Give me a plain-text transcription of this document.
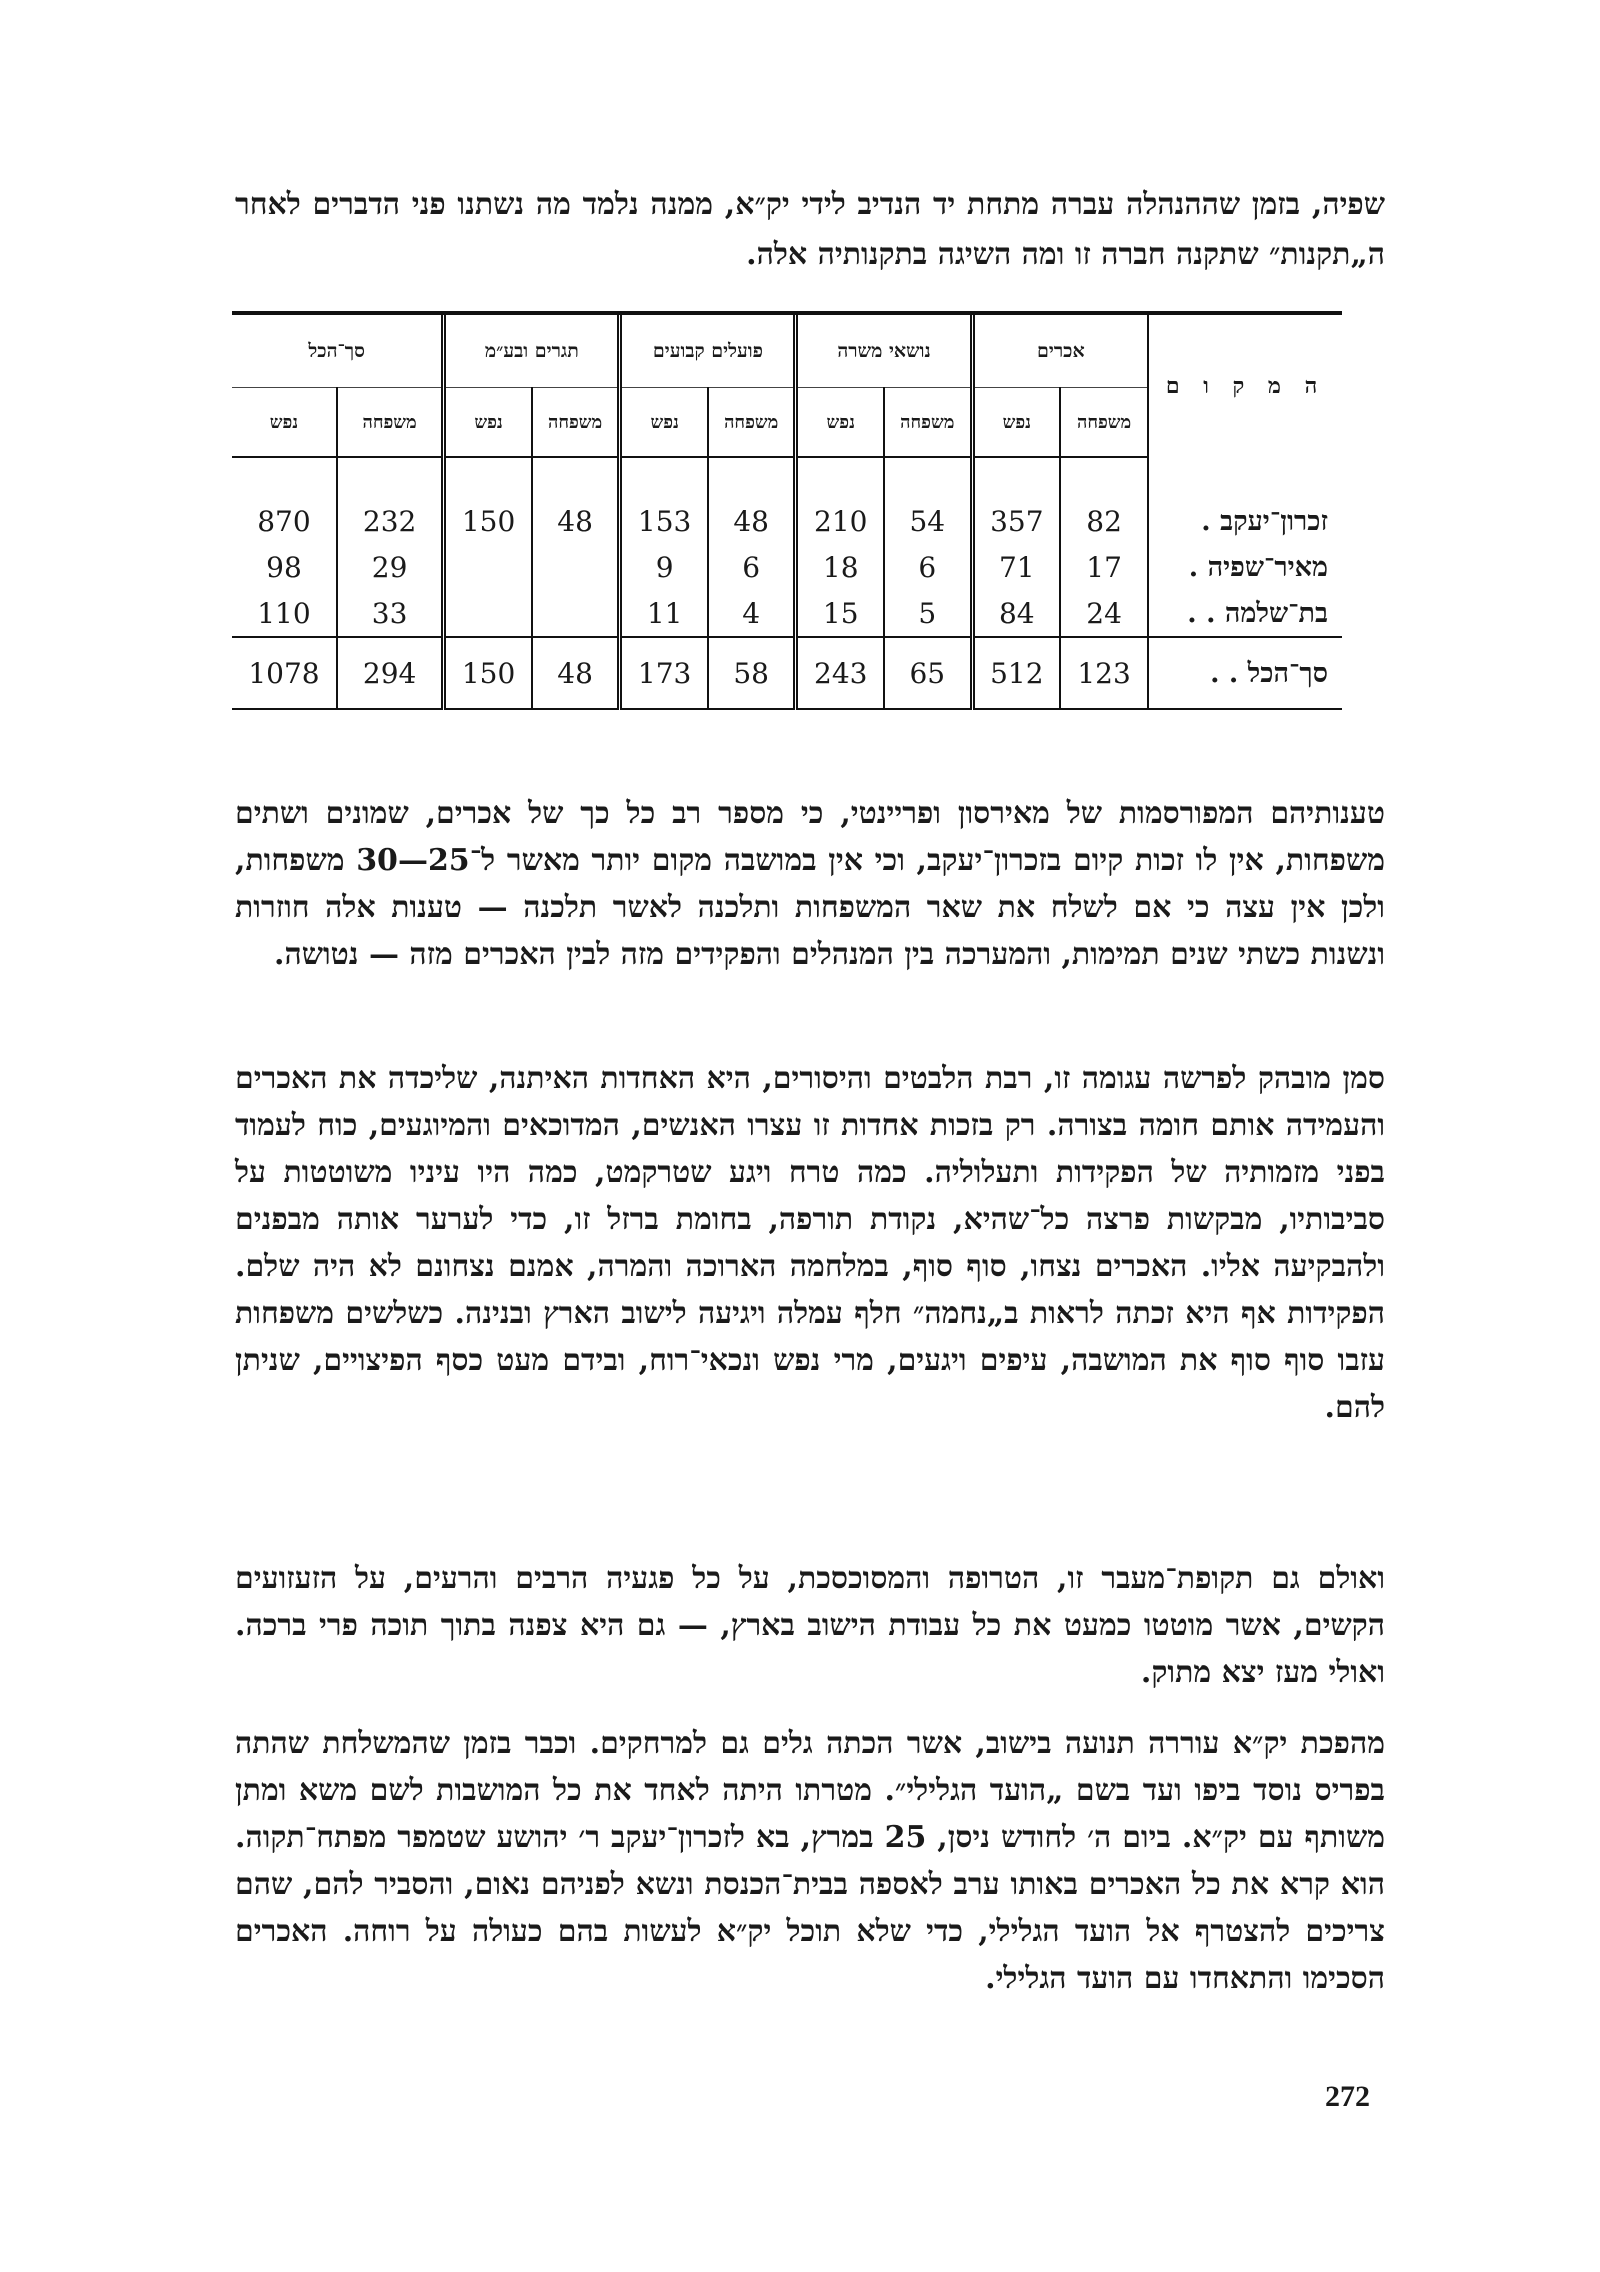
שפיה, בזמן שההנהלה עברה מתחת יד הנדיב לידי יק״א, ממנה נלמד מה נשתנו פני הדברים לאחר ה„תקנות״ שתקנה חברה זו ומה השיגה בתקנותיה אלה.

ה מ ק ו ם	אכרים		נושאי משרה		פועלים קבועים		תגרים ובע״מ		סך־הכל	
	משפחה	נפש	משפחה	נפש	משפחה	נפש	משפחה	נפש	משפחה	נפש

זכרון־יעקב .	82	357	54	210	48	153	48	150	232	870
מאיר־שפיה .	17	71	6	18	6	9			29	98
בת־שלמה . .	24	84	5	15	4	11			33	110
סך־הכל . .	123	512	65	243	58	173	48	150	294	1078

טענותיהם המפורסמות של מאירסון ופריינטי, כי מספר רב כל כך של אכרים, שמונים ושתים משפחות, אין לו זכות קיום בזכרון־יעקב, וכי אין במושבה מקום יותר מאשר ל־25—30 משפחות, ולכן אין עצה כי אם לשלח את שאר המשפחות ותלכנה לאשר תלכנה — טענות אלה חוזרות ונשנות כשתי שנים תמימות, והמערכה בין המנהלים והפקידים מזה לבין האכרים מזה — נטושה.

סמן מובהק לפרשה עגומה זו, רבת הלבטים והיסורים, היא האחדות האיתנה, שליכדה את האכרים והעמידה אותם חומה בצורה. רק בזכות אחדות זו עצרו האנשים, המדוכאים והמיוגעים, כוח לעמוד בפני מזמותיה של הפקידות ותעלוליה. כמה טרח ויגע שטרקמט, כמה היו עיניו משוטטות על סביבותיו, מבקשות פרצה כל־שהיא, נקודת תורפה, בחומת ברזל זו, כדי לערער אותה מבפנים ולהבקיעה אליו. האכרים נצחו, סוף סוף, במלחמה הארוכה והמרה, אמנם נצחונם לא היה שלם. הפקידות אף היא זכתה לראות ב„נחמה״ חלף עמלה ויגיעה לישוב הארץ ובנינה. כשלשים משפחות עזבו סוף סוף את המושבה, עיפים ויגעים, מרי נפש ונכאי־רוח, ובידם מעט כסף הפיצויים, שניתן להם.

ואולם גם תקופת־מעבר זו, הטרופה והמסוכסכת, על כל פגעיה הרבים והרעים, על הזעזועים הקשים, אשר מוטטו כמעט את כל עבודת הישוב בארץ, — גם היא צפנה בתוך תוכה פרי ברכה. ואולי מעז יצא מתוק.

מהפכת יק״א עוררה תנועה בישוב, אשר הכתה גלים גם למרחקים. וכבר בזמן שהמשלחת שהתה בפריס נוסד ביפו ועד בשם „הועד הגלילי״. מטרתו היתה לאחד את כל המושבות לשם משא ומתן משותף עם יק״א. ביום ה׳ לחודש ניסן, 25 במרץ, בא לזכרון־יעקב ר׳ יהושע שטמפר מפתח־תקוה. הוא קרא את כל האכרים באותו ערב לאספה בבית־הכנסת ונשא לפניהם נאום, והסביר להם, שהם צריכים להצטרף אל הועד הגלילי, כדי שלא תוכל יק״א לעשות בהם כעולה על רוחה. האכרים הסכימו והתאחדו עם הועד הגלילי.

272
